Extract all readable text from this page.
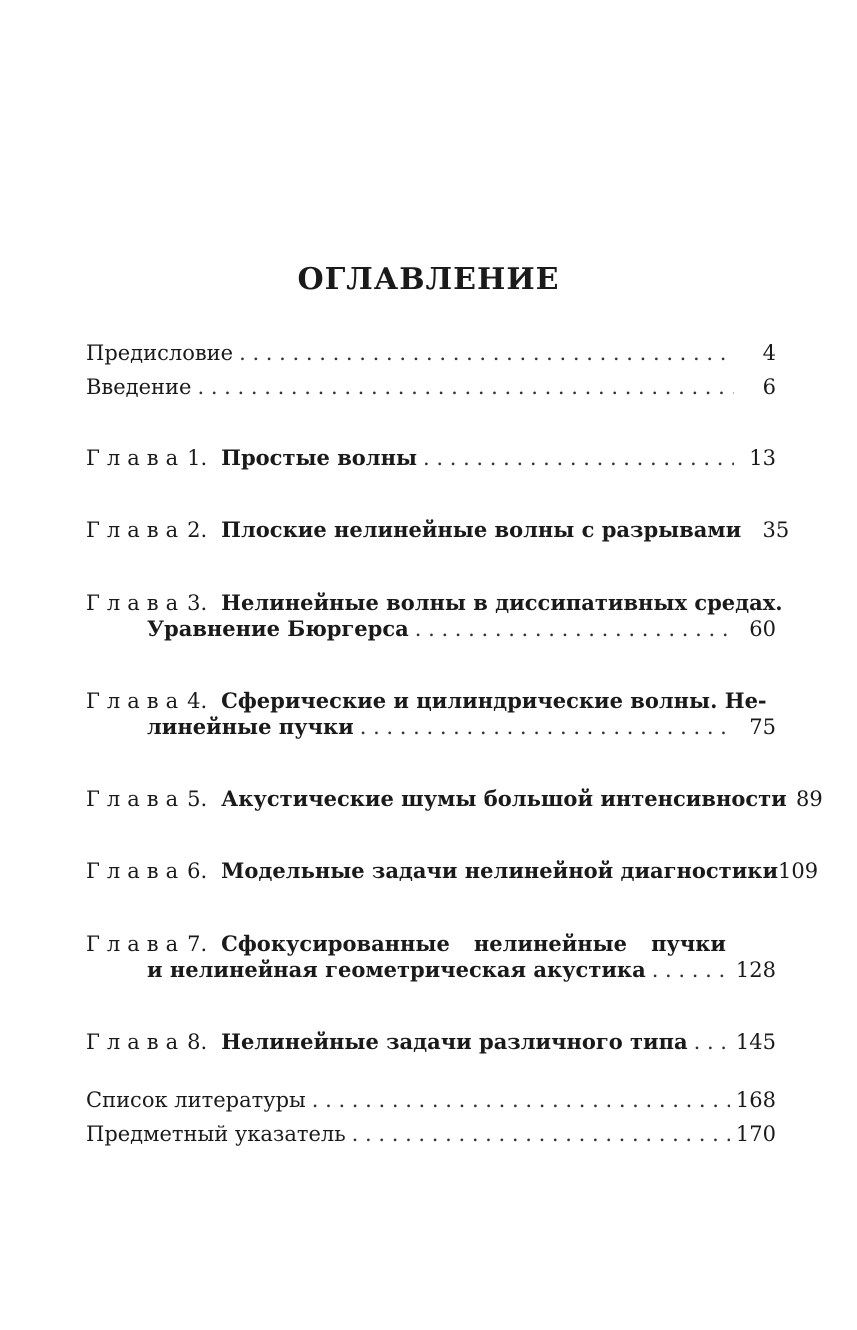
ОГЛАВЛЕНИЕ
Предисловие . . .	4
Введение . . .	6
Глава 1. Простые волны . . .	13
Глава 2. Плоские нелинейные волны с разрывами	35
Глава 3. Нелинейные волны в диссипативных средах.
Уравнение Бюргерса . . .	60
Глава 4. Сферические и цилиндрические волны. Не-
линейные пучки . . .	75
Глава 5. Акустические шумы большой интенсивности 89
Глава 6. Модельные задачи нелинейной диагностики 109
Глава 7. Сфокусированные нелинейные пучки
и нелинейная геометрическая акустика . . .	128
Глава 8. Нелинейные задачи различного типа . . . 145
Список литературы . . .	168
Предметный указатель . . .	170
